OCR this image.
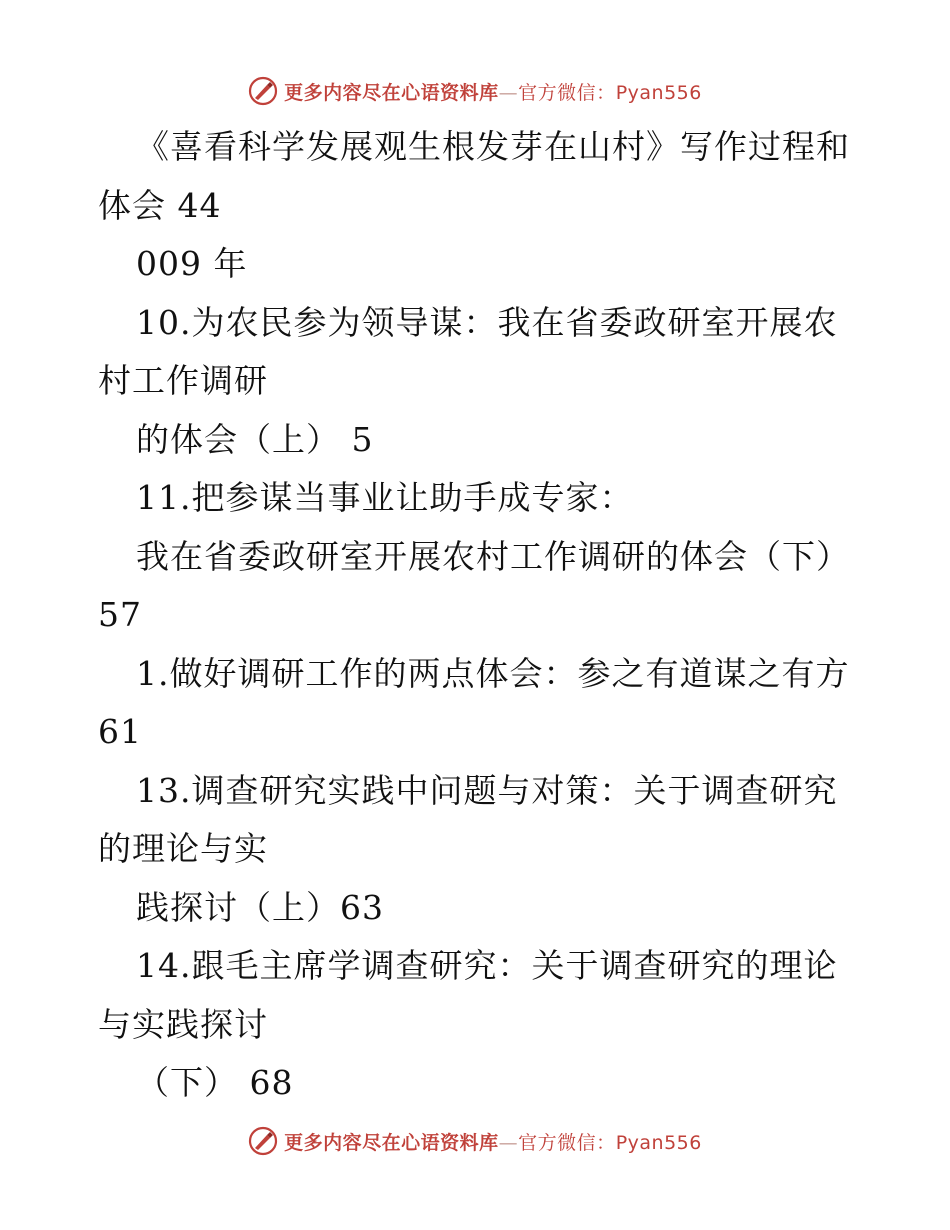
更多内容尽在心语资料库—官方微信：Pyan556
《喜看科学发展观生根发芽在山村》写作过程和
体会 44
009 年
10.为农民参为领导谋：我在省委政研室开展农
村工作调研
的体会（上） 5
11.把参谋当事业让助手成专家：
我在省委政研室开展农村工作调研的体会（下）
57
1.做好调研工作的两点体会：参之有道谋之有方
61
13.调查研究实践中问题与对策：关于调查研究
的理论与实
践探讨（上）63
14.跟毛主席学调查研究：关于调查研究的理论
与实践探讨
（下） 68
更多内容尽在心语资料库—官方微信：Pyan556
